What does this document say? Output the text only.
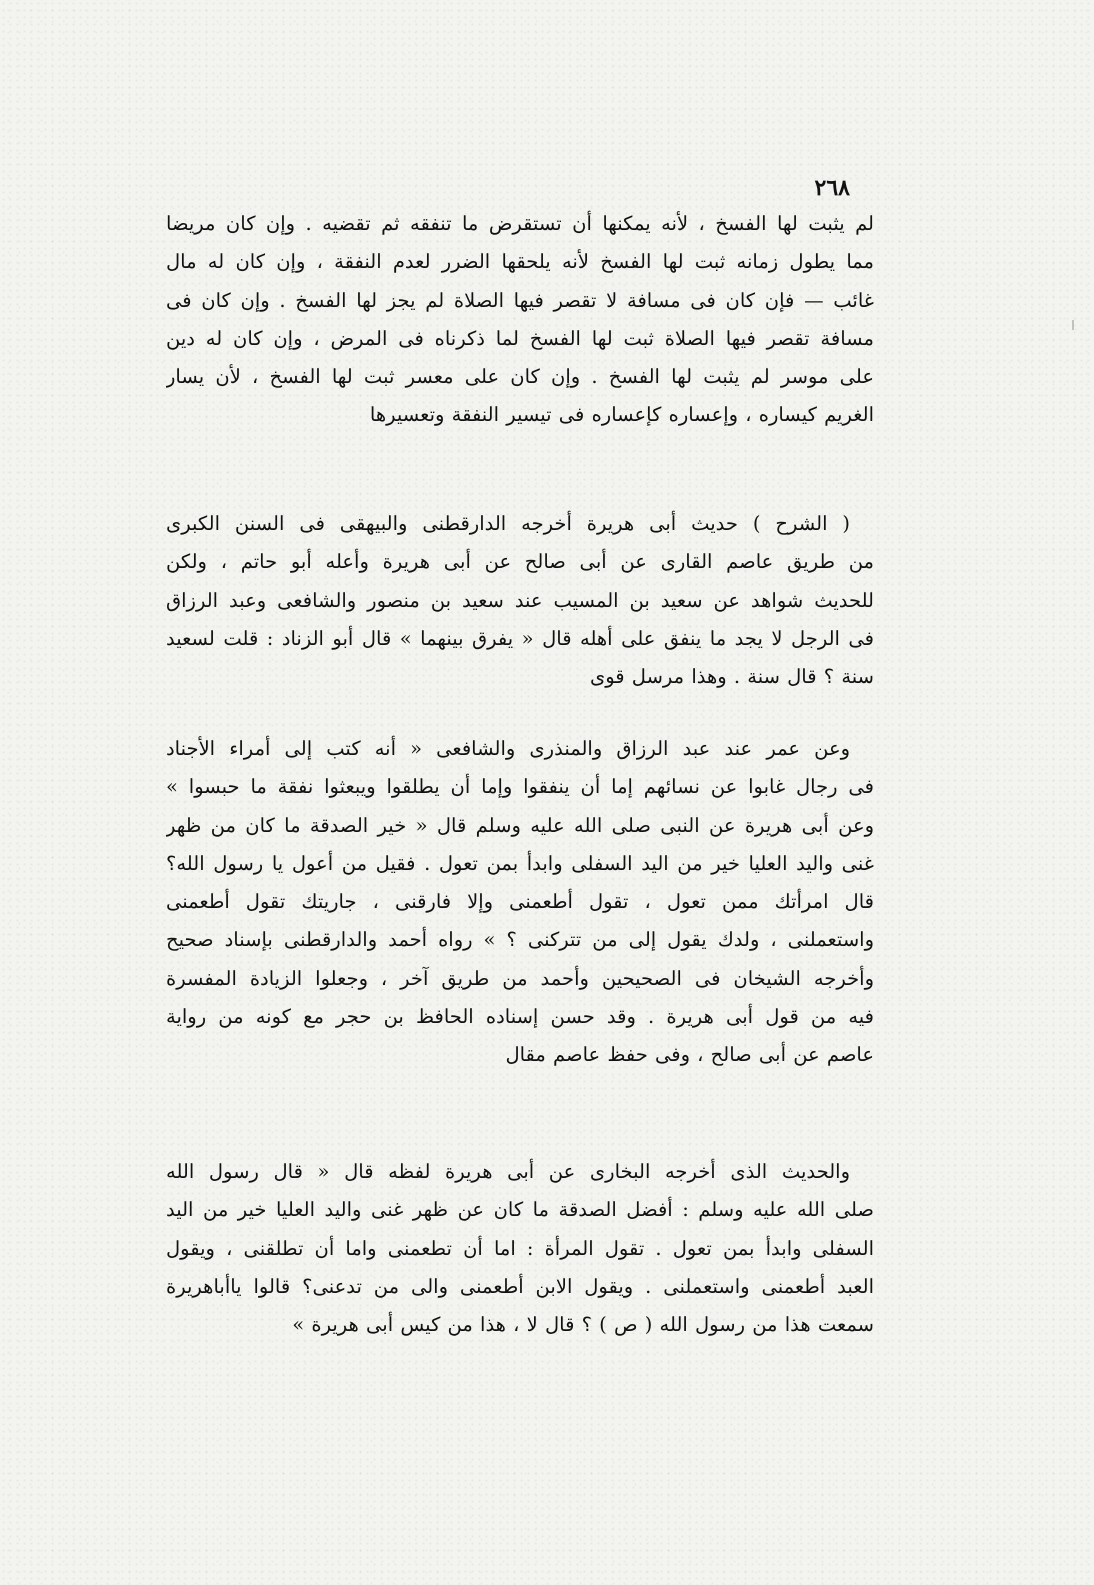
٢٦٨
لم يثبت لها الفسخ ، لأنه يمكنها أن تستقرض ما تنفقه ثم تقضيه . وإن كان مريضا
مما يطول زمانه ثبت لها الفسخ لأنه يلحقها الضرر لعدم النفقة ، وإن كان له مال
غائب — فإن كان فى مسافة لا تقصر فيها الصلاة لم يجز لها الفسخ . وإن كان فى
مسافة تقصر فيها الصلاة ثبت لها الفسخ لما ذكرناه فى المرض ، وإن كان له دين
على موسر لم يثبت لها الفسخ . وإن كان على معسر ثبت لها الفسخ ، لأن يسار
الغريم كيساره ، وإعساره كإعساره فى تيسير النفقة وتعسيرها
( الشرح ) حديث أبى هريرة أخرجه الدارقطنى والبيهقى فى السنن الكبرى
من طريق عاصم القارى عن أبى صالح عن أبى هريرة وأعله أبو حاتم ، ولكن
للحديث شواهد عن سعيد بن المسيب عند سعيد بن منصور والشافعى وعبد الرزاق
فى الرجل لا يجد ما ينفق على أهله قال « يفرق بينهما » قال أبو الزناد : قلت لسعيد
سنة ؟ قال سنة . وهذا مرسل قوى
وعن عمر عند عبد الرزاق والمنذرى والشافعى « أنه كتب إلى أمراء الأجناد
فى رجال غابوا عن نسائهم إما أن ينفقوا وإما أن يطلقوا ويبعثوا نفقة ما حبسوا »
وعن أبى هريرة عن النبى صلى الله عليه وسلم قال « خير الصدقة ما كان من ظهر
غنى واليد العليا خير من اليد السفلى وابدأ بمن تعول . فقيل من أعول يا رسول الله؟
قال امرأتك ممن تعول ، تقول أطعمنى وإلا فارقنى ، جاريتك تقول أطعمنى
واستعملنى ، ولدك يقول إلى من تتركنى ؟ » رواه أحمد والدارقطنى بإسناد صحيح
وأخرجه الشيخان فى الصحيحين وأحمد من طريق آخر ، وجعلوا الزيادة المفسرة
فيه من قول أبى هريرة . وقد حسن إسناده الحافظ بن حجر مع كونه من رواية
عاصم عن أبى صالح ، وفى حفظ عاصم مقال
والحديث الذى أخرجه البخارى عن أبى هريرة لفظه قال « قال رسول الله
صلى الله عليه وسلم : أفضل الصدقة ما كان عن ظهر غنى واليد العليا خير من اليد
السفلى وابدأ بمن تعول . تقول المرأة : اما أن تطعمنى واما أن تطلقنى ، ويقول
العبد أطعمنى واستعملنى . ويقول الابن أطعمنى والى من تدعنى؟ قالوا ياأباهريرة
سمعت هذا من رسول الله ( ص ) ؟ قال لا ، هذا من كيس أبى هريرة »
